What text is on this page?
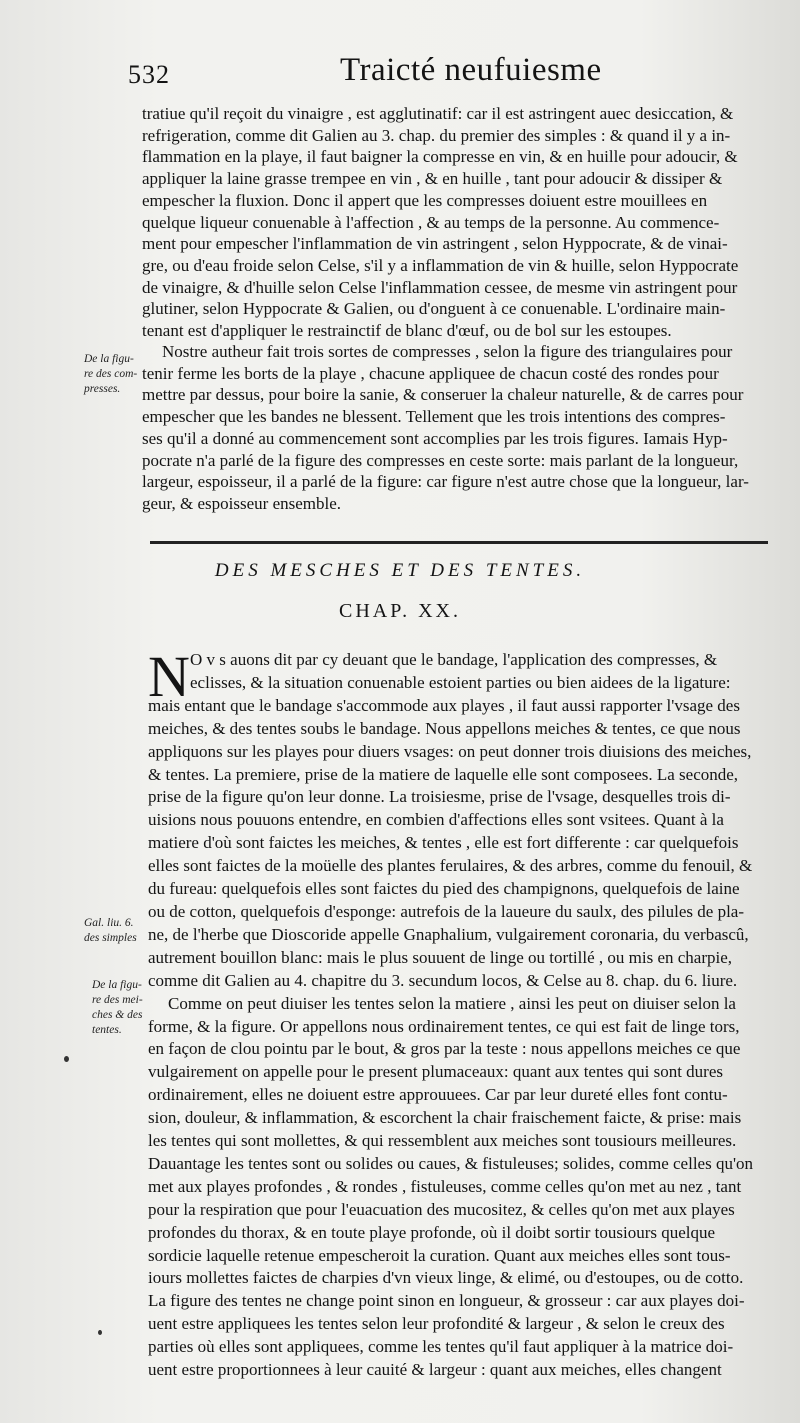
532	Traicté neufuiesme
tratiue qu'il reçoit du vinaigre , est agglutinatif: car il est astringent auec desiccation, &
refrigeration, comme dit Galien au 3. chap. du premier des simples : & quand il y a in-
flammation en la playe, il faut baigner la compresse en vin, & en huille pour adoucir, &
appliquer la laine grasse trempee en vin , & en huille , tant pour adoucir & dissiper &
empescher la fluxion. Donc il appert que les compresses doiuent estre mouillees en
quelque liqueur conuenable à l'affection , & au temps de la personne. Au commence-
ment pour empescher l'inflammation de vin astringent , selon Hyppocrate, & de vinai-
gre, ou d'eau froide selon Celse, s'il y a inflammation de vin & huille, selon Hyppocrate
de vinaigre, & d'huille selon Celse l'inflammation cessee, de mesme vin astringent pour
glutiner, selon Hyppocrate & Galien, ou d'onguent à ce conuenable. L'ordinaire main-
tenant est d'appliquer le restrainctif de blanc d'œuf, ou de bol sur les estoupes.
De la figu-
re des com-
presses.
Nostre autheur fait trois sortes de compresses , selon la figure des triangulaires pour
tenir ferme les borts de la playe , chacune appliquee de chacun costé des rondes pour
mettre par dessus, pour boire la sanie, & conseruer la chaleur naturelle, & de carres pour
empescher que les bandes ne blessent. Tellement que les trois intentions des compres-
ses qu'il a donné au commencement sont accomplies par les trois figures. Iamais Hyp-
pocrate n'a parlé de la figure des compresses en ceste sorte: mais parlant de la longueur,
largeur, espoisseur, il a parlé de la figure: car figure n'est autre chose que la longueur, lar-
geur, & espoisseur ensemble.
DES MESCHES ET DES TENTES.
CHAP. XX.
N O v s auons dit par cy deuant que le bandage, l'application des compresses, &
eclisses, & la situation conuenable estoient parties ou bien aidees de la ligature:
mais entant que le bandage s'accommode aux playes , il faut aussi rapporter l'vsage des
meiches, & des tentes soubs le bandage. Nous appellons meiches & tentes, ce que nous
appliquons sur les playes pour diuers vsages: on peut donner trois diuisions des meiches,
& tentes. La premiere, prise de la matiere de laquelle elle sont composees. La seconde,
prise de la figure qu'on leur donne. La troisiesme, prise de l'vsage, desquelles trois di-
uisions nous pouuons entendre, en combien d'affections elles sont vsitees. Quant à la
matiere d'où sont faictes les meiches, & tentes , elle est fort differente : car quelquefois
elles sont faictes de la moüelle des plantes ferulaires, & des arbres, comme du fenouil, &
du fureau: quelquefois elles sont faictes du pied des champignons, quelquefois de laine
ou de cotton, quelquefois d'esponge: autrefois de la laueure du saulx, des pilules de pla-
ne, de l'herbe que Dioscoride appelle Gnaphalium, vulgairement coronaria, du verbascû,
autrement bouillon blanc: mais le plus souuent de linge ou tortillé , ou mis en charpie,
comme dit Galien au 4. chapitre du 3. secundum locos, & Celse au 8. chap. du 6. liure.
Comme on peut diuiser les tentes selon la matiere , ainsi les peut on diuiser selon la
forme, & la figure. Or appellons nous ordinairement tentes, ce qui est fait de linge tors,
en façon de clou pointu par le bout, & gros par la teste : nous appellons meiches ce que
vulgairement on appelle pour le present plumaceaux: quant aux tentes qui sont dures
ordinairement, elles ne doiuent estre approuuees. Car par leur dureté elles font contu-
sion, douleur, & inflammation, & escorchent la chair fraischement faicte, & prise: mais
les tentes qui sont mollettes, & qui ressemblent aux meiches sont tousiours meilleures.
Dauantage les tentes sont ou solides ou caues, & fistuleuses; solides, comme celles qu'on
met aux playes profondes , & rondes , fistuleuses, comme celles qu'on met au nez , tant
pour la respiration que pour l'euacuation des mucositez, & celles qu'on met aux playes
profondes du thorax, & en toute playe profonde, où il doibt sortir tousiours quelque
sordicie laquelle retenue empescheroit la curation. Quant aux meiches elles sont tous-
iours mollettes faictes de charpies d'vn vieux linge, & elimé, ou d'estoupes, ou de cotto.
La figure des tentes ne change point sinon en longueur, & grosseur : car aux playes doi-
uent estre appliquees les tentes selon leur profondité & largeur , & selon le creux des
parties où elles sont appliquees, comme les tentes qu'il faut appliquer à la matrice doi-
uent estre proportionnees à leur cauité & largeur : quant aux meiches, elles changent
Gal. liu. 6.
des simples
De la figu-
re des mei-
ches & des
tentes.
